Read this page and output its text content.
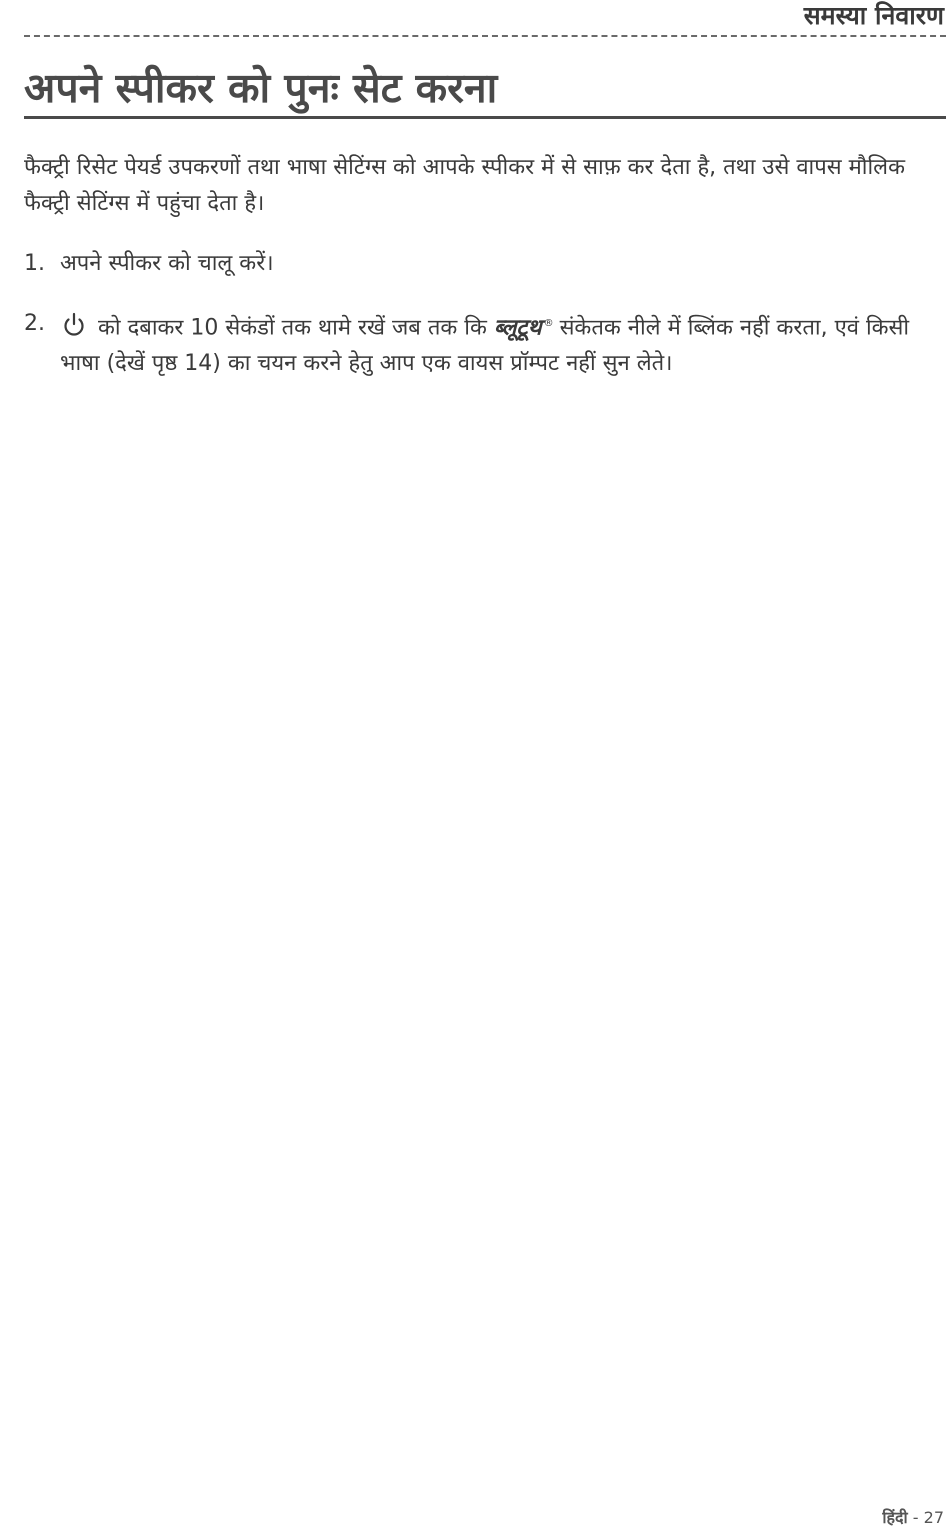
समस्या निवारण
अपने स्पीकर को पुनः सेट करना

फैक्ट्री रिसेट पेयर्ड उपकरणों तथा भाषा सेटिंग्स को आपके स्पीकर में से साफ़ कर देता है, तथा उसे वापस मौलिक फैक्ट्री सेटिंग्स में पहुंचा देता है।

1. अपने स्पीकर को चालू करें।
2. को दबाकर 10 सेकंडों तक थामे रखें जब तक कि ब्लूटूथ ® संकेतक नीले में ब्लिंक नहीं करता, एवं किसी भाषा (देखें पृष्ठ 14) का चयन करने हेतु आप एक वायस प्रॉम्पट नहीं सुन लेते।
हिंदी - 27
